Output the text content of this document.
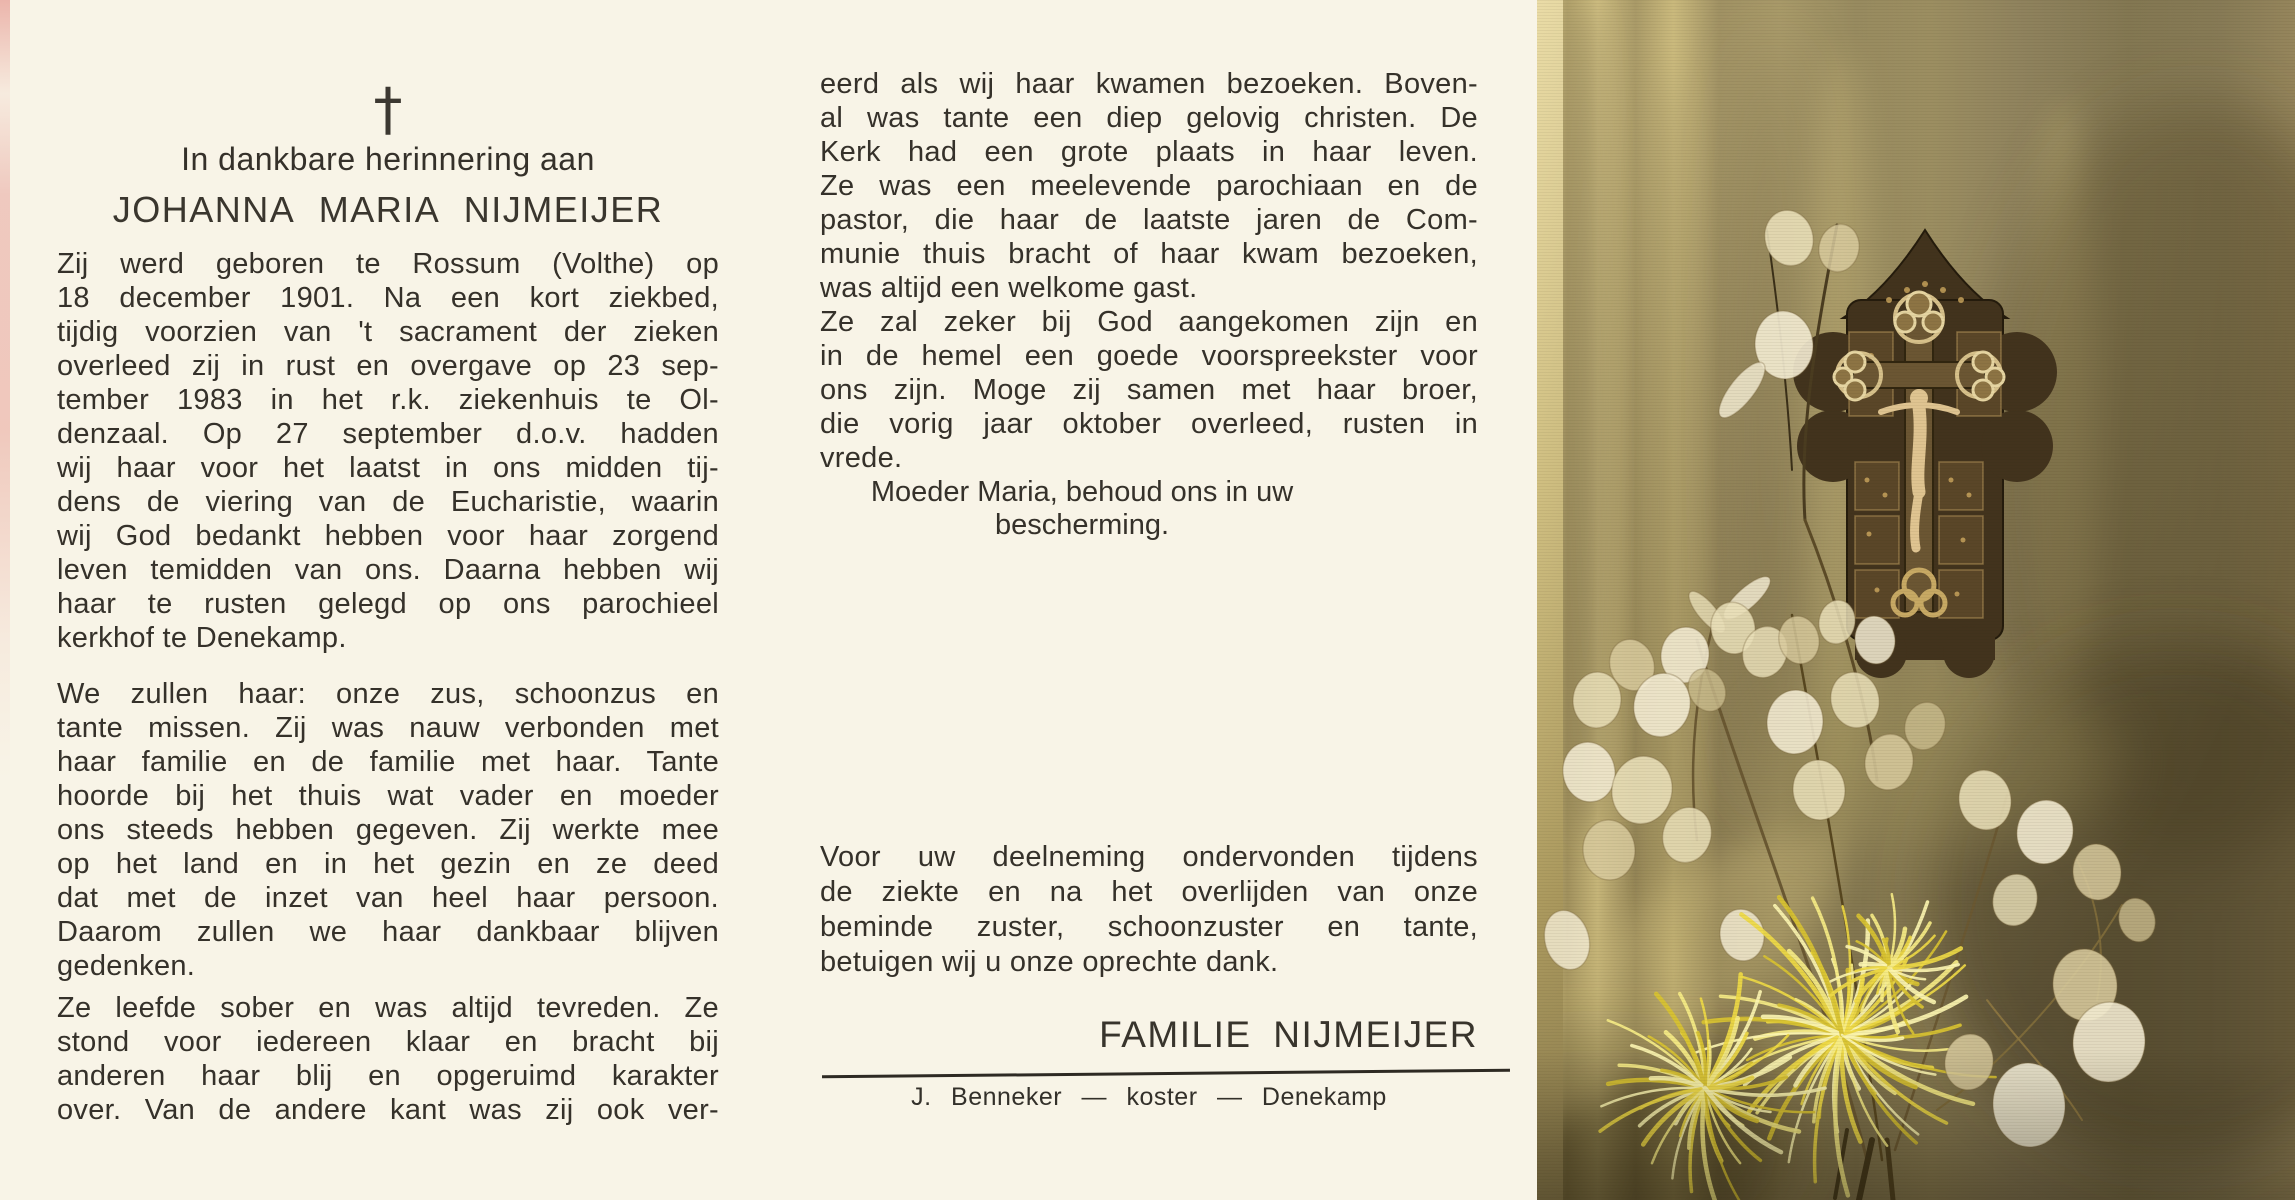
†
In dankbare herinnering aan
JOHANNA MARIA NIJMEIJER
Zij werd geboren te Rossum (Volthe) op
18 december 1901. Na een kort ziekbed,
tijdig voorzien van 't sacrament der zieken
overleed zij in rust en overgave op 23 sep-
tember 1983 in het r.k. ziekenhuis te Ol-
denzaal. Op 27 september d.o.v. hadden
wij haar voor het laatst in ons midden tij-
dens de viering van de Eucharistie, waarin
wij God bedankt hebben voor haar zorgend
leven temidden van ons. Daarna hebben wij
haar te rusten gelegd op ons parochieel
kerkhof te Denekamp.
We zullen haar: onze zus, schoonzus en
tante missen. Zij was nauw verbonden met
haar familie en de familie met haar. Tante
hoorde bij het thuis wat vader en moeder
ons steeds hebben gegeven. Zij werkte mee
op het land en in het gezin en ze deed
dat met de inzet van heel haar persoon.
Daarom zullen we haar dankbaar blijven
gedenken.
Ze leefde sober en was altijd tevreden. Ze
stond voor iedereen klaar en bracht bij
anderen haar blij en opgeruimd karakter
over. Van de andere kant was zij ook ver-
eerd als wij haar kwamen bezoeken. Boven-
al was tante een diep gelovig christen. De
Kerk had een grote plaats in haar leven.
Ze was een meelevende parochiaan en de
pastor, die haar de laatste jaren de Com-
munie thuis bracht of haar kwam bezoeken,
was altijd een welkome gast.
Ze zal zeker bij God aangekomen zijn en
in de hemel een goede voorspreekster voor
ons zijn. Moge zij samen met haar broer,
die vorig jaar oktober overleed, rusten in
vrede.
Moeder Maria, behoud ons in uw
bescherming.
Voor uw deelneming ondervonden tijdens
de ziekte en na het overlijden van onze
beminde zuster, schoonzuster en tante,
betuigen wij u onze oprechte dank.
FAMILIE NIJMEIJER
J. Benneker — koster — Denekamp
